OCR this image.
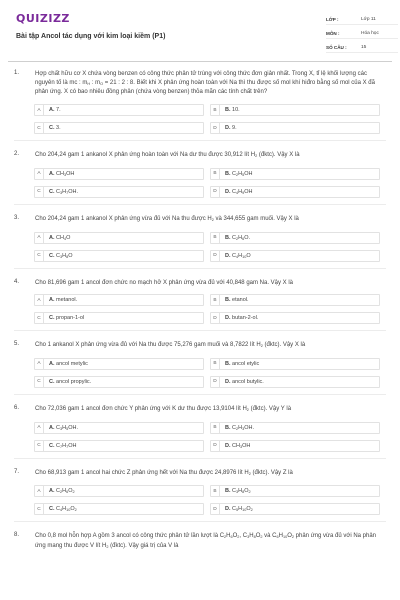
QUIZIZZ
Bài tập Ancol tác dụng với kim loại kiềm (P1)
LỚP :	Lớp 11
MÔN :	Hóa học
SỐ CÂU :	15
1.	Hợp chất hữu cơ X chứa vòng benzen có công thức phân tử trùng với công thức đơn giản nhất. Trong X, tỉ lệ khối lượng các nguyên tố là mc : $m_H$ : $m_O = 21$ : 2 : 8. Biết khi X phản ứng hoàn toàn với Na thì thu được số mol khí hiđro bằng số mol của X đã phản ứng. X có bao nhiêu đồng phân (chứa vòng benzen) thỏa mãn các tính chất trên?
A	A. 7.	B	B. 10.
C	C. 3.	D	D. 9.
2.	Cho 204,24 gam 1 ankanol X phản ứng hoàn toàn với Na dư thu được 30,912 lít $H_2$ (đktc). Vậy X là
A	A. $CH_3OH$	B	B. $C_2H_5OH$
C	C. $C_3H_7OH$.	D	D. $C_4H_9OH$
3.	Cho 204,24 gam 1 ankanol X phản ứng vừa đủ với Na thu được $H_2$ và 344,655 gam muối. Vậy X là
A	A. $CH_4O$	B	B. $C_2H_6O$.
C	C. $C_3H_8O$	D	D. $C_4H_{10}O$
4.	Cho 81,696 gam 1 ancol đơn chức no mạch hở X phản ứng vừa đủ với 40,848 gam Na. Vậy X là
A	A. metanol.	B	B. etanol.
C	C. propan-1-ol	D	D. butan-2-ol.
5.	Cho 1 ankanol X phản ứng vừa đủ với Na thu được 75,276 gam muối và 8,7822 lít $H_2$ (đktc). Vậy X là
A	A. ancol metylic	B	B. ancol etylic
C	C. ancol propylic.	D	D. ancol butylic.
6.	Cho 72,036 gam 1 ancol đơn chức Y phản ứng với K dư thu được 13,9104 lít $H_2$ (đktc). Vậy Y là
A	A. $C_3H_5OH$.	B	B. $C_2H_3OH$.
C	C. $C_7H_7OH$	D	D. $CH_3OH$
7.	Cho 68,913 gam 1 ancol hai chức Z phản ứng hết với Na thu được 24,8976 lít $H_2$ (đktc). Vậy Z là
A	A. $C_2H_6O_2$	B	B. $C_3H_8O_2$
C	C. $C_4H_{10}O_2$	D	D. $C_5H_{10}O_2$
8.	Cho 0,8 mol hỗn hợp A gồm 3 ancol có công thức phân tử lần lượt là $C_2H_6O_2$, $C_3H_8O_2$ và $C_6H_{10}O_2$ phản ứng vừa đủ với Na phản ứng mang thu được V lít $H_2$ (đktc). Vậy giá trị của V là
